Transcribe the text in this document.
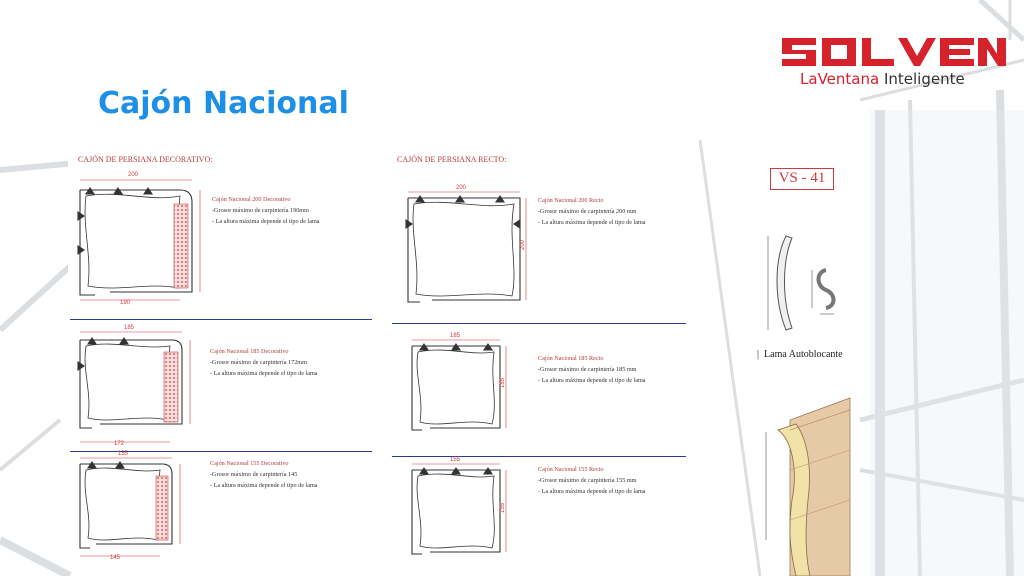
Cajón Nacional
LaVentana Inteligente
CAJÓN DE PERSIANA DECORATIVO:	CAJÓN DE PERSIANA RECTO:
200
190
185
172
155
145
200
200
185
185
155
155
Cajón Nacional 200 Decorativo
-Grosor máximo de carpintería 190mm
- La altura máxima depende el tipo de lama
Cajón Nacional 185 Decorativo
-Grosor máximo de carpintería 172mm
- La altura máxima depende el tipo de lama
Cajón Nacional 155 Decorativo
-Grosor máximo de carpintería 145
- La altura máxima depende el tipo de lama
Cajón Nacional 200 Recto
-Grosor máximo de carpintería 200 mm
- La altura máxima depende el tipo de lama
Cajón Nacional 185 Recto
-Grosor máximo de carpintería 185 mm
- La altura máxima depende el tipo de lama
Cajón Nacional 155 Recto
-Grosor máximo de carpintería 155 mm
- La altura máxima depende el tipo de lama
VS - 41
|  Lama Autoblocante
